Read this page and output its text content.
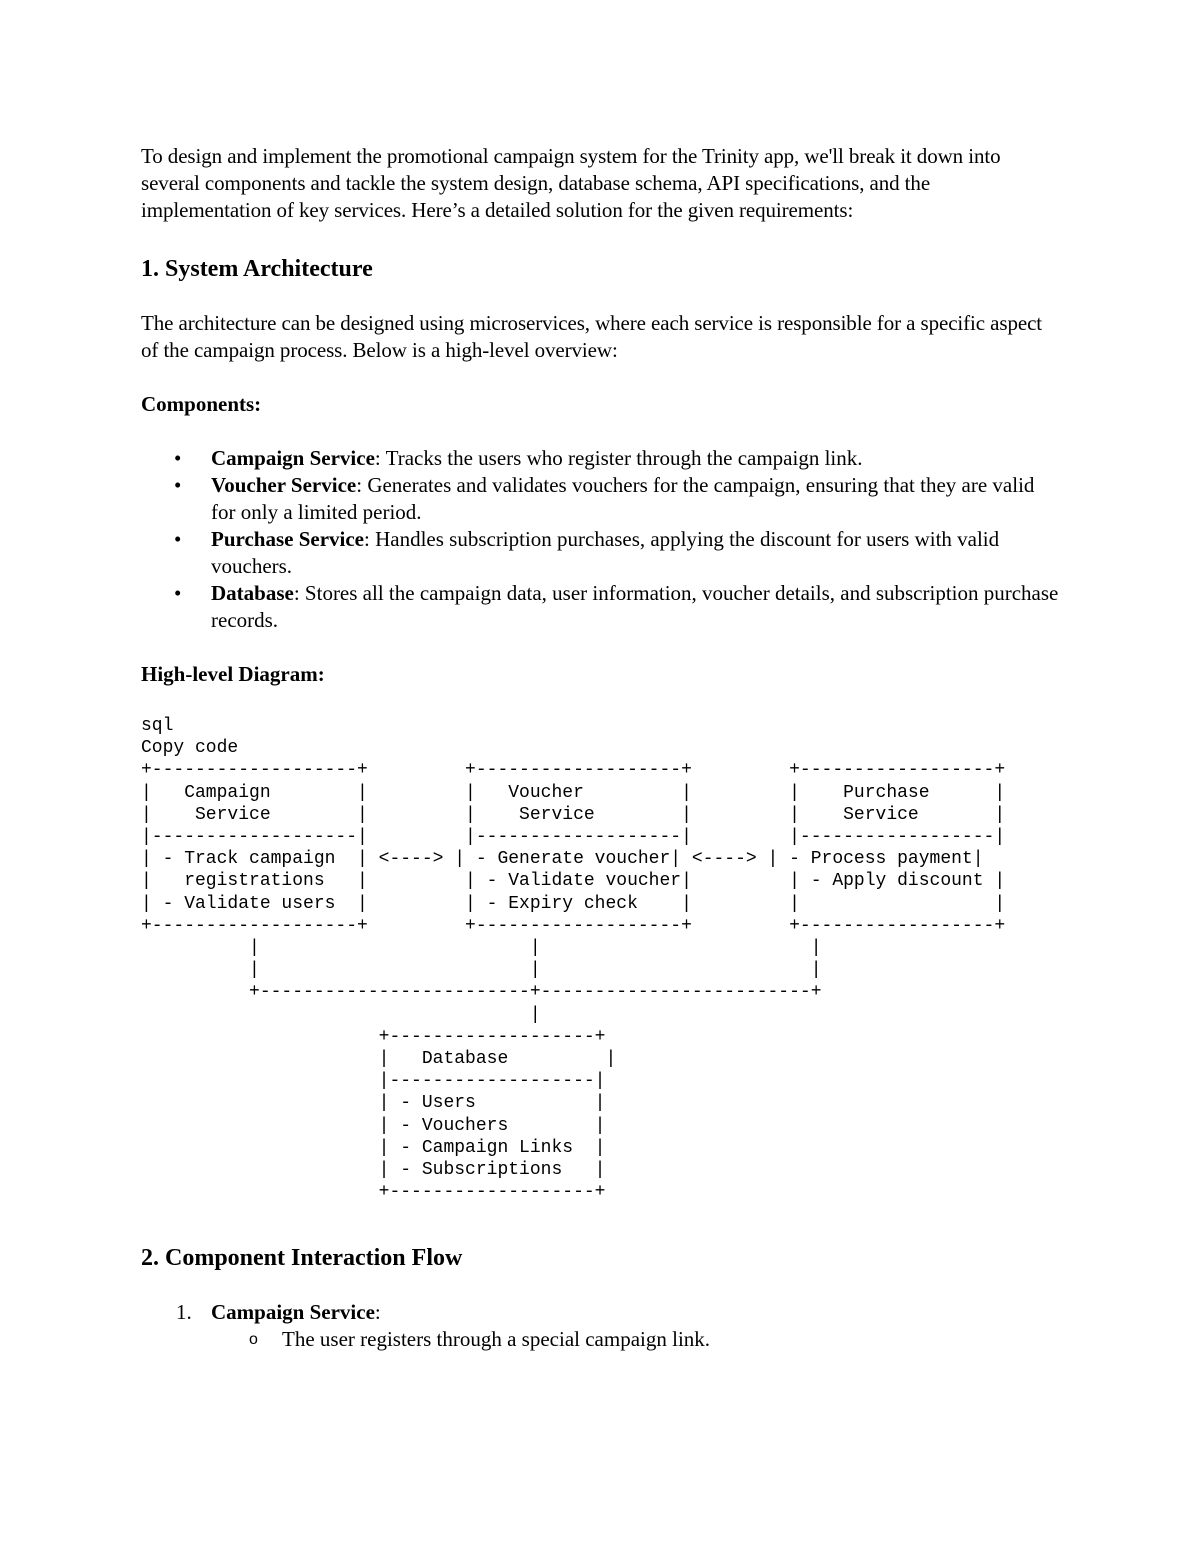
To design and implement the promotional campaign system for the Trinity app, we'll break it down into several components and tackle the system design, database schema, API specifications, and the implementation of key services. Here’s a detailed solution for the given requirements:

1. System Architecture

The architecture can be designed using microservices, where each service is responsible for a specific aspect of the campaign process. Below is a high-level overview:

Components:

• Campaign Service: Tracks the users who register through the campaign link.
• Voucher Service: Generates and validates vouchers for the campaign, ensuring that they are valid for only a limited period.
• Purchase Service: Handles subscription purchases, applying the discount for users with valid vouchers.
• Database: Stores all the campaign data, user information, voucher details, and subscription purchase records.

High-level Diagram:

sql
Copy code
+-------------------+         +-------------------+         +------------------+
|   Campaign        |         |   Voucher         |         |    Purchase      |
|    Service        |         |    Service        |         |    Service       |
|-------------------|         |-------------------|         |------------------|
| - Track campaign  | <----> | - Generate voucher| <----> | - Process payment|
|   registrations   |         | - Validate voucher|         | - Apply discount |
| - Validate users  |         | - Expiry check    |         |                  |
+-------------------+         +-------------------+         +------------------+
|                         |                         |
|                         |                         |
+-------------------------+-------------------------+
|
+-------------------+
|   Database         |
|-------------------|
| - Users           |
| - Vouchers        |
| - Campaign Links  |
| - Subscriptions   |
+-------------------+
2. Component Interaction Flow
1. Campaign Service:
o The user registers through a special campaign link.
